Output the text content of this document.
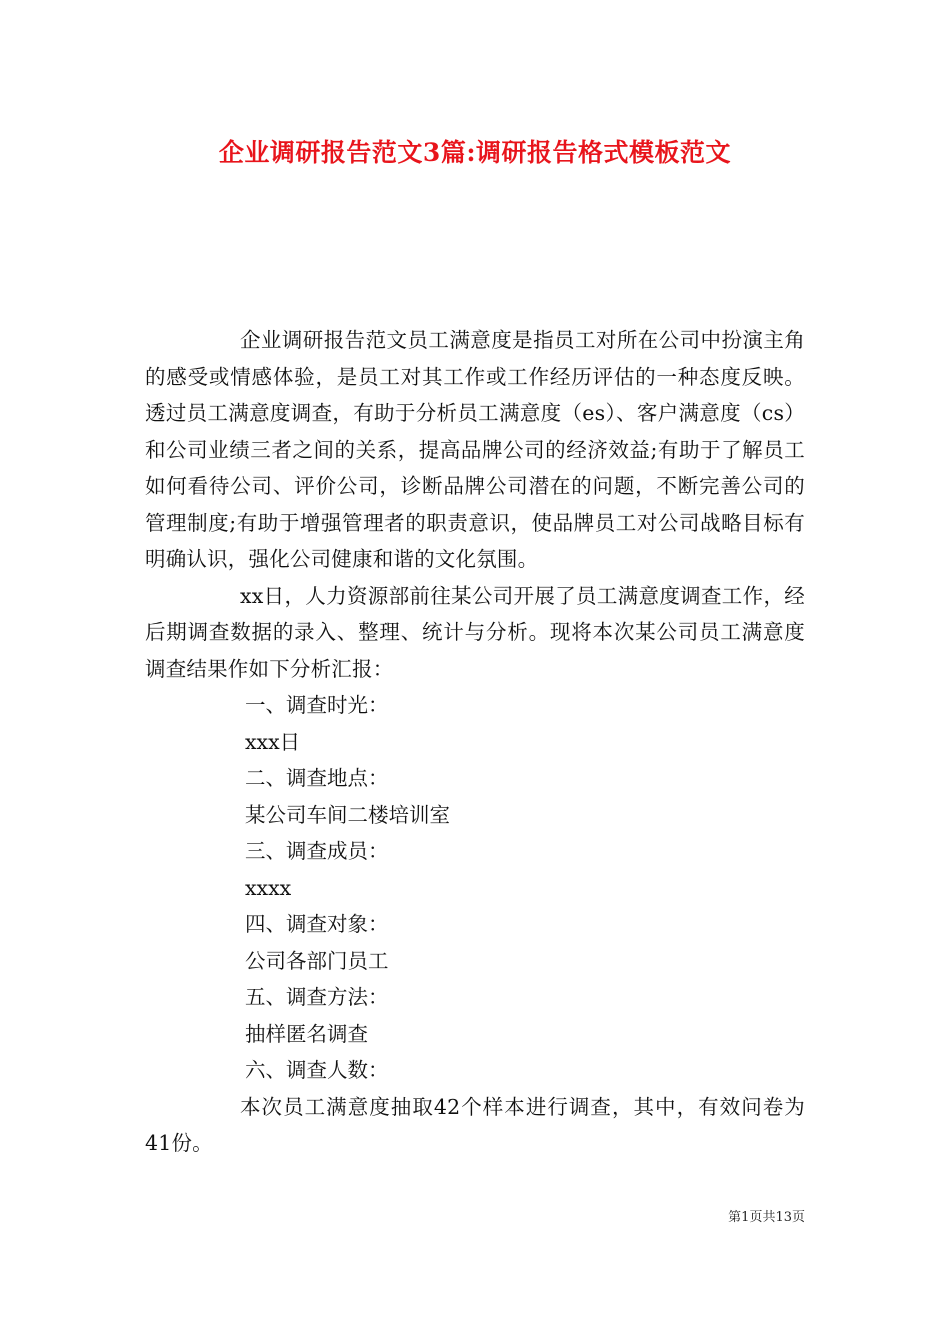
企业调研报告范文3篇:调研报告格式模板范文

企业调研报告范文员工满意度是指员工对所在公司中扮演主角的感受或情感体验，是员工对其工作或工作经历评估的一种态度反映。透过员工满意度调查，有助于分析员工满意度（es）、客户满意度（cs）和公司业绩三者之间的关系，提高品牌公司的经济效益;有助于了解员工如何看待公司、评价公司，诊断品牌公司潜在的问题，不断完善公司的管理制度;有助于增强管理者的职责意识，使品牌员工对公司战略目标有明确认识，强化公司健康和谐的文化氛围。

xx日，人力资源部前往某公司开展了员工满意度调查工作，经后期调查数据的录入、整理、统计与分析。现将本次某公司员工满意度调查结果作如下分析汇报：

一、调查时光：

xxx日

二、调查地点：

某公司车间二楼培训室

三、调查成员：

xxxx

四、调查对象：

公司各部门员工

五、调查方法：

抽样匿名调查

六、调查人数：

本次员工满意度抽取42个样本进行调查，其中，有效问卷为41份。

第1页共13页
